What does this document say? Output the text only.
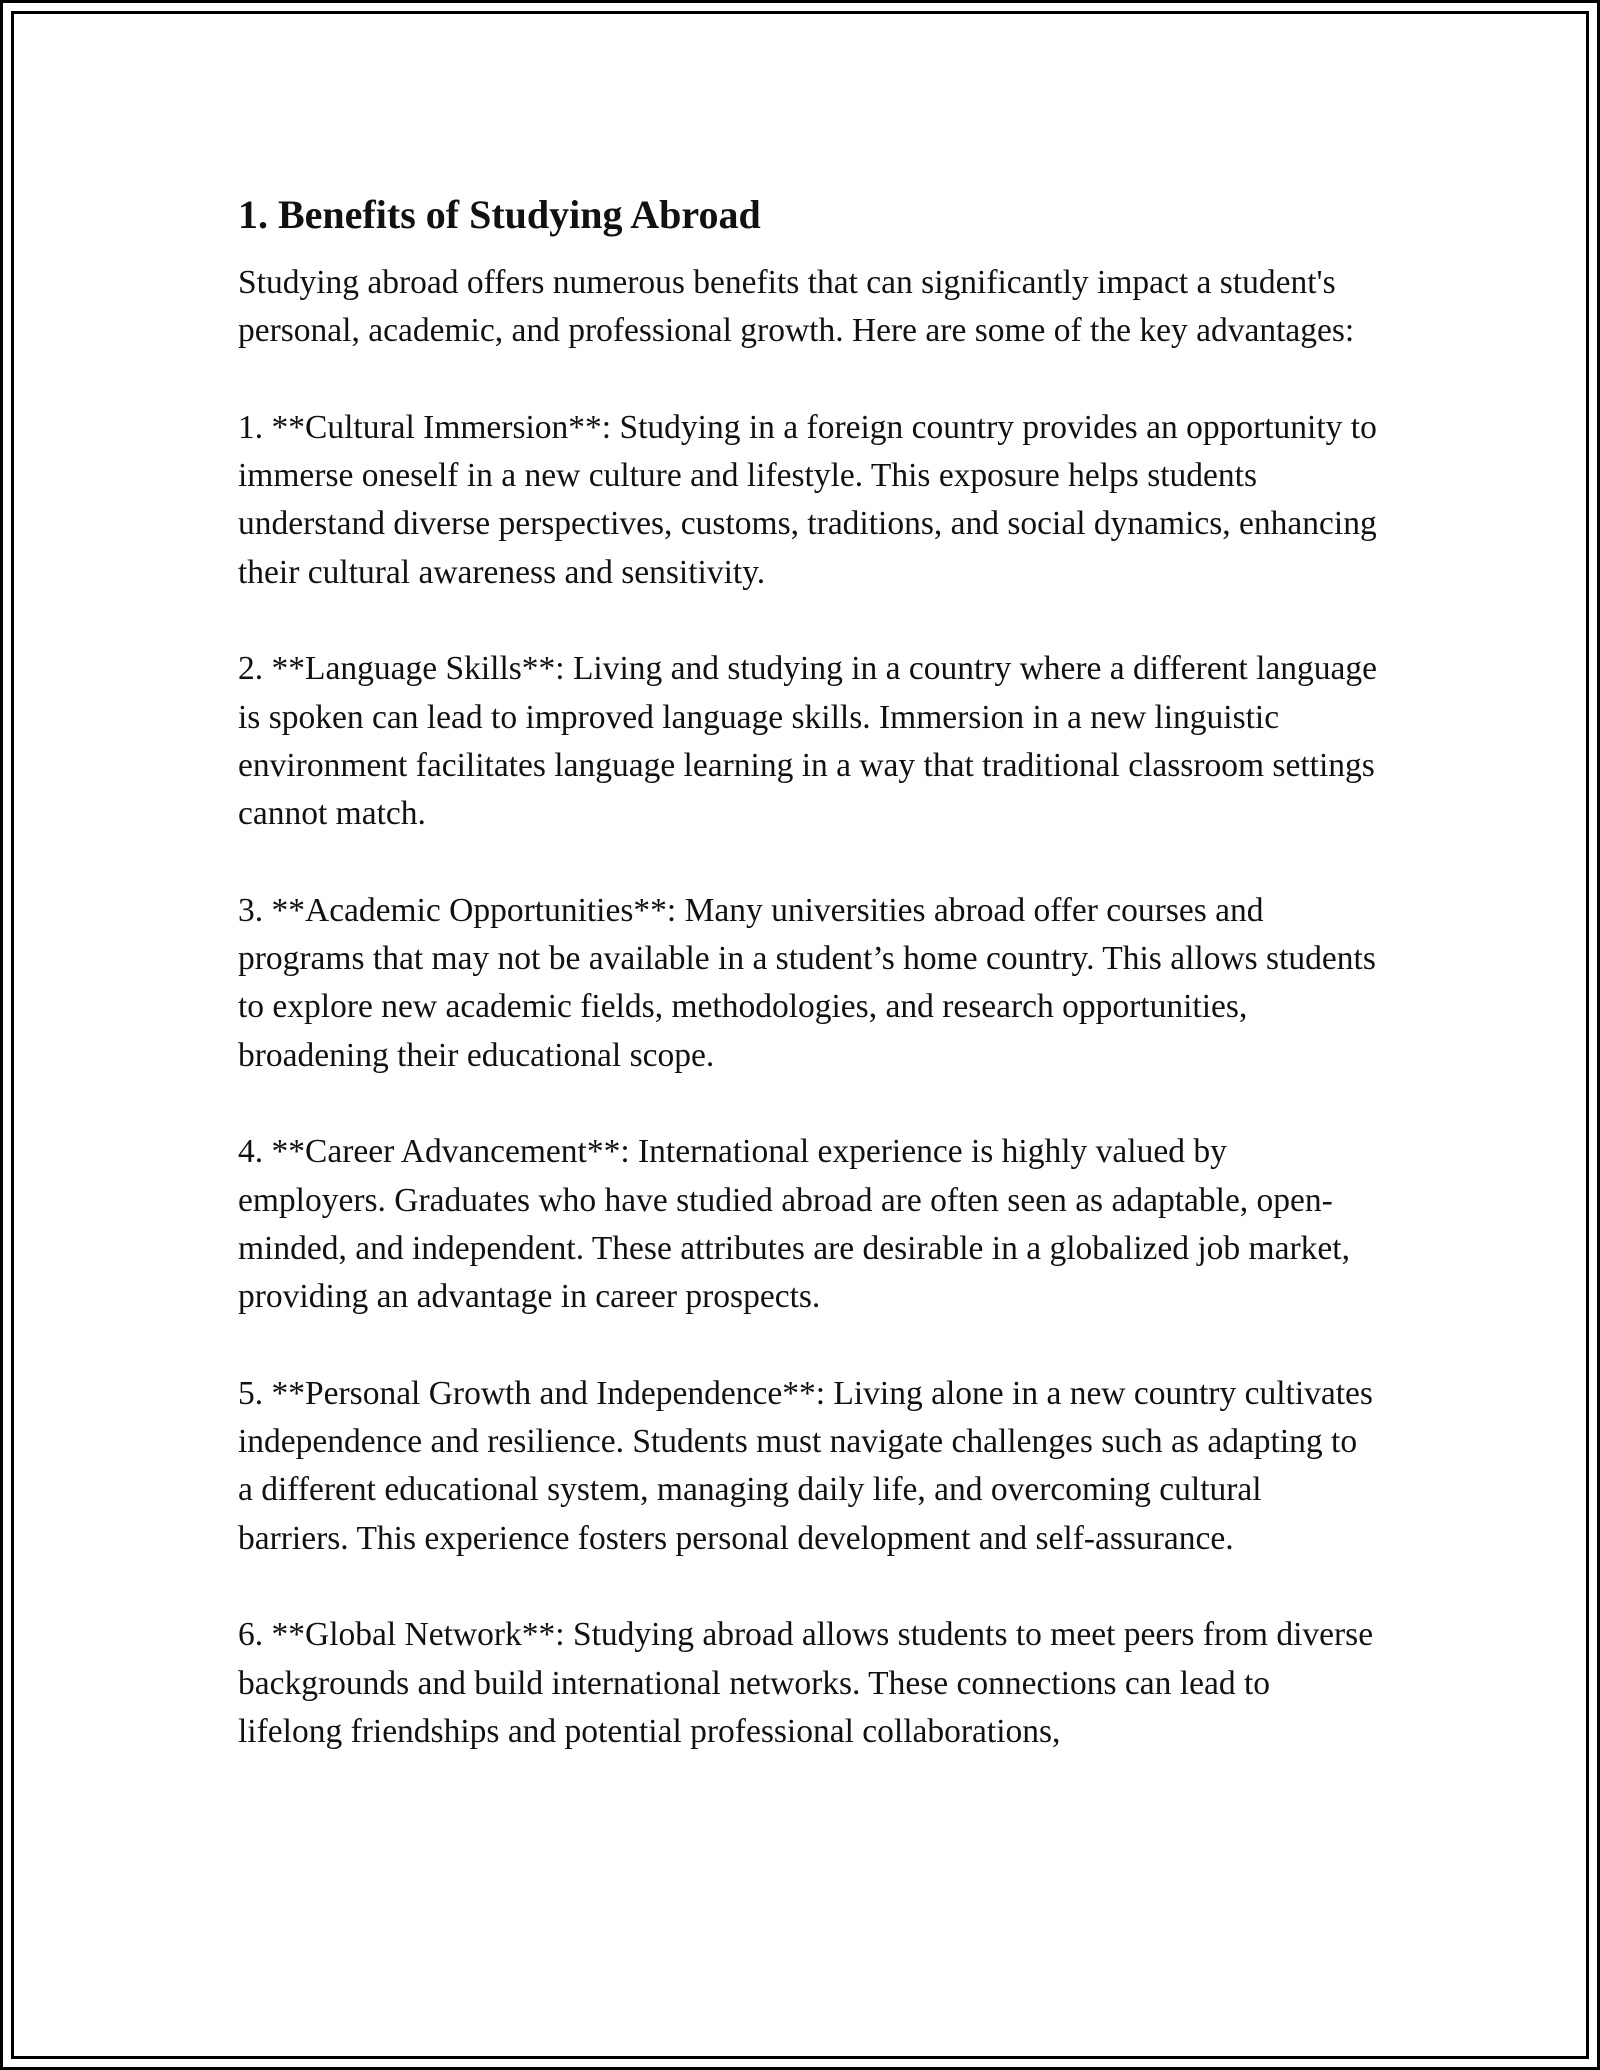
1. Benefits of Studying Abroad

Studying abroad offers numerous benefits that can significantly impact a student's personal, academic, and professional growth. Here are some of the key advantages:

1. **Cultural Immersion**: Studying in a foreign country provides an opportunity to immerse oneself in a new culture and lifestyle. This exposure helps students understand diverse perspectives, customs, traditions, and social dynamics, enhancing their cultural awareness and sensitivity.

2. **Language Skills**: Living and studying in a country where a different language is spoken can lead to improved language skills. Immersion in a new linguistic environment facilitates language learning in a way that traditional classroom settings cannot match.

3. **Academic Opportunities**: Many universities abroad offer courses and programs that may not be available in a student’s home country. This allows students to explore new academic fields, methodologies, and research opportunities, broadening their educational scope.

4. **Career Advancement**: International experience is highly valued by employers. Graduates who have studied abroad are often seen as adaptable, open-minded, and independent. These attributes are desirable in a globalized job market, providing an advantage in career prospects.

5. **Personal Growth and Independence**: Living alone in a new country cultivates independence and resilience. Students must navigate challenges such as adapting to a different educational system, managing daily life, and overcoming cultural barriers. This experience fosters personal development and self-assurance.

6. **Global Network**: Studying abroad allows students to meet peers from diverse backgrounds and build international networks. These connections can lead to lifelong friendships and potential professional collaborations,
